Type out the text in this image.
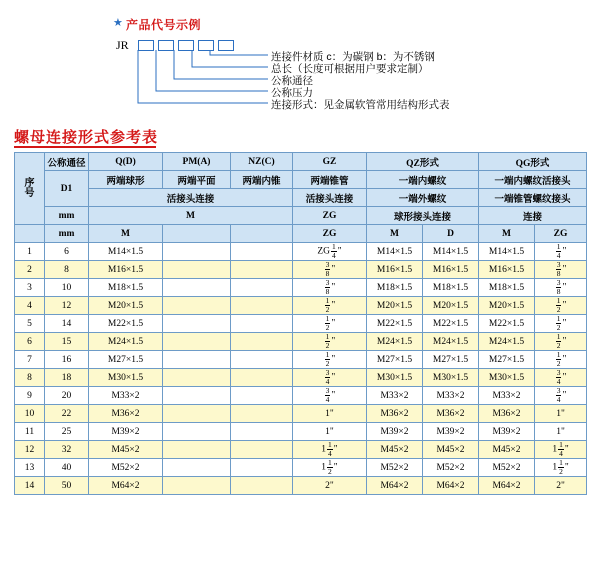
★ 产品代号示例
JR
连接件材质 c：为碳钢 b：为不锈钢
总长（长度可根据用户要求定制）
公称通径
公称压力
连接形式：见金属软管常用结构形式表
螺母连接形式参考表
序
号	公称通径	Q(D)	PM(A)	NZ(C)	GZ	QZ形式		QG形式	
	D1	两端球形	两端平面	两端内锥	两端锥管	一端内螺纹		一端内螺纹活接头	
		活接头连接			活接头连接	一端外螺纹		一端锥管螺纹接头	
	mm	M			ZG	球形接头连接		连接	
	mm	M			ZG	M	D	M	ZG
1	6	M14×1.5			ZG $\frac{1}{4}$ "	M14×1.5	M14×1.5	M14×1.5	$\frac{1}{4}$ "
2	8	M16×1.5			$\frac{3}{8}$ "	M16×1.5	M16×1.5	M16×1.5	$\frac{3}{8}$ "
3	10	M18×1.5			$\frac{3}{8}$ "	M18×1.5	M18×1.5	M18×1.5	$\frac{3}{8}$ "
4	12	M20×1.5			$\frac{1}{2}$ "	M20×1.5	M20×1.5	M20×1.5	$\frac{1}{2}$ "
5	14	M22×1.5			$\frac{1}{2}$ "	M22×1.5	M22×1.5	M22×1.5	$\frac{1}{2}$ "
6	15	M24×1.5			$\frac{1}{2}$ "	M24×1.5	M24×1.5	M24×1.5	$\frac{1}{2}$ "
7	16	M27×1.5			$\frac{1}{2}$ "	M27×1.5	M27×1.5	M27×1.5	$\frac{1}{2}$ "
8	18	M30×1.5			$\frac{3}{4}$ "	M30×1.5	M30×1.5	M30×1.5	$\frac{3}{4}$ "
9	20	M33×2			$\frac{3}{4}$ "	M33×2	M33×2	M33×2	$\frac{3}{4}$ "
10	22	M36×2			1"	M36×2	M36×2	M36×2	1"
11	25	M39×2			1"	M39×2	M39×2	M39×2	1"
12	32	M45×2			$1 \frac{1}{4}$ "	M45×2	M45×2	M45×2	$1 \frac{1}{4}$ "
13	40	M52×2			$1 \frac{1}{2}$ "	M52×2	M52×2	M52×2	$1 \frac{1}{2}$ "
14	50	M64×2			2"	M64×2	M64×2	M64×2	2"
